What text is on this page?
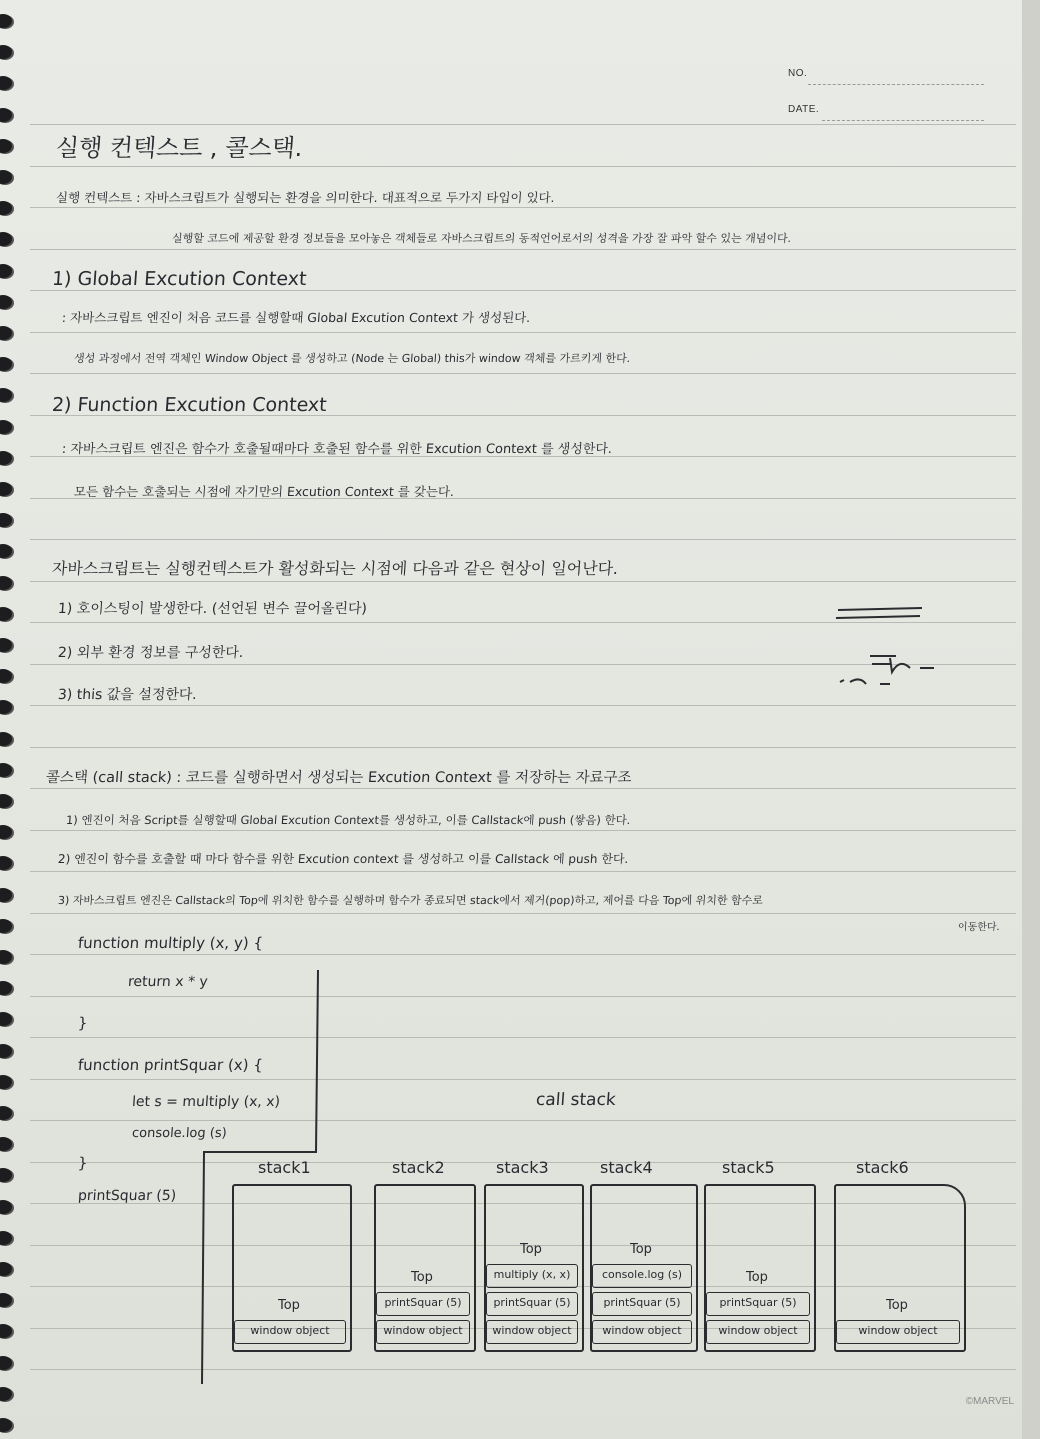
NO.
DATE.
실행 컨텍스트 , 콜스택.
실행 컨텍스트 : 자바스크립트가 실행되는 환경을 의미한다. 대표적으로 두가지 타입이 있다.
실행할 코드에 제공할 환경 정보들을 모아놓은 객체들로 자바스크립트의 동적언어로서의 성격을 가장 잘 파악 할수 있는 개념이다.
1) Global Excution Context
: 자바스크립트 엔진이 처음 코드를 실행할때 Global Excution Context 가 생성된다.
생성 과정에서 전역 객체인 Window Object 를 생성하고 (Node 는 Global) this가 window 객체를 가르키게 한다.
2) Function Excution Context
: 자바스크립트 엔진은 함수가 호출될때마다 호출된 함수를 위한 Excution Context 를 생성한다.
모든 함수는 호출되는 시점에 자기만의 Excution Context 를 갖는다.
자바스크립트는 실행컨텍스트가 활성화되는 시점에 다음과 같은 현상이 일어난다.
1) 호이스팅이 발생한다. (선언된 변수 끌어올린다)
2) 외부 환경 정보를 구성한다.
3) this 값을 설정한다.
콜스택 (call stack) : 코드를 실행하면서 생성되는 Excution Context 를 저장하는 자료구조
1) 엔진이 처음 Script를 실행할때 Global Excution Context를 생성하고, 이를 Callstack에 push (쌓음) 한다.
2) 엔진이 함수를 호출할 때 마다 함수를 위한 Excution context 를 생성하고 이를 Callstack 에 push 한다.
3) 자바스크립트 엔진은 Callstack의 Top에 위치한 함수를 실행하며 함수가 종료되면 stack에서 제거(pop)하고, 제어를 다음 Top에 위치한 함수로
이동한다.
function multiply (x, y) {
return x * y
}
function printSquar (x) {
let s = multiply (x, x)
console.log (s)
}
printSquar (5)
call stack
stack1
window object
Top
stack2
printSquar (5)
window object
Top
stack3
multiply (x, x)
printSquar (5)
window object
Top
stack4
console.log (s)
printSquar (5)
window object
Top
stack5
printSquar (5)
window object
Top
stack6
window object
Top
©MARVEL
